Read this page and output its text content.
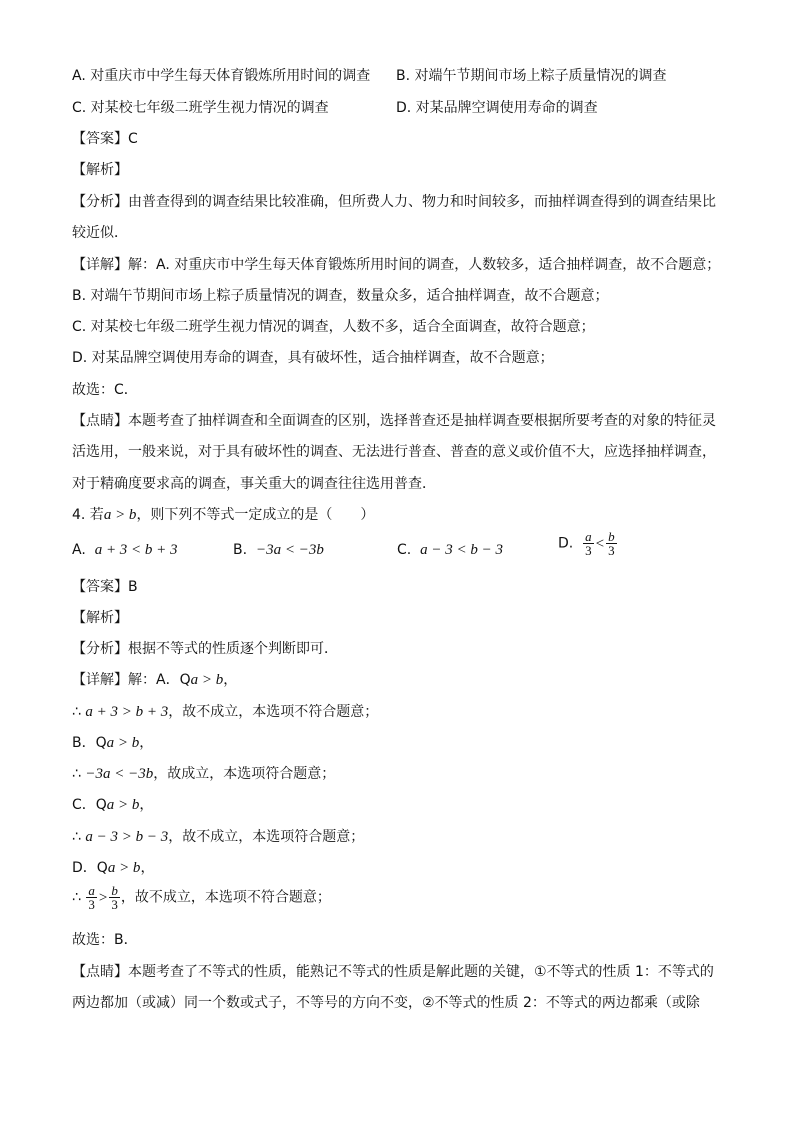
A. 对重庆市中学生每天体育锻炼所用时间的调查 B. 对端午节期间市场上粽子质量情况的调查
C. 对某校七年级二班学生视力情况的调查	D. 对某品牌空调使用寿命的调查
【答案】C
【解析】
【分析】由普查得到的调查结果比较准确，但所费人力、物力和时间较多，而抽样调查得到的调查结果比
较近似．
【详解】解：A. 对重庆市中学生每天体育锻炼所用时间的调查，人数较多，适合抽样调查，故不合题意；
B. 对端午节期间市场上粽子质量情况的调查，数量众多，适合抽样调查，故不合题意；
C. 对某校七年级二班学生视力情况的调查，人数不多，适合全面调查，故符合题意；
D. 对某品牌空调使用寿命的调查，具有破坏性，适合抽样调查，故不合题意；
故选：C．
【点睛】本题考查了抽样调查和全面调查的区别，选择普查还是抽样调查要根据所要考查的对象的特征灵
活选用，一般来说，对于具有破坏性的调查、无法进行普查、普查的意义或价值不大，应选择抽样调查，
对于精确度要求高的调查，事关重大的调查往往选用普查．
4. 若a > b，则下列不等式一定成立的是（　　）
A. a + 3 < b + 3	B. −3a < −3b	C. a − 3 < b − 3	D. $\frac{a}{3} < \frac{b}{3}$
【答案】B
【解析】
【分析】根据不等式的性质逐个判断即可．
【详解】解：A．Qa > b，
∴ a + 3 > b + 3，故不成立，本选项不符合题意；
B．Qa > b，
∴ −3a < −3b，故成立，本选项符合题意；
C．Qa > b，
∴ a − 3 > b − 3，故不成立，本选项符合题意；
D．Qa > b，
∴ $\frac{a}{3} > \frac{b}{3}$ ，故不成立，本选项不符合题意；
故选：B．
【点睛】本题考查了不等式的性质，能熟记不等式的性质是解此题的关键，①不等式的性质 1：不等式的
两边都加（或减）同一个数或式子，不等号的方向不变，②不等式的性质 2：不等式的两边都乘（或除
